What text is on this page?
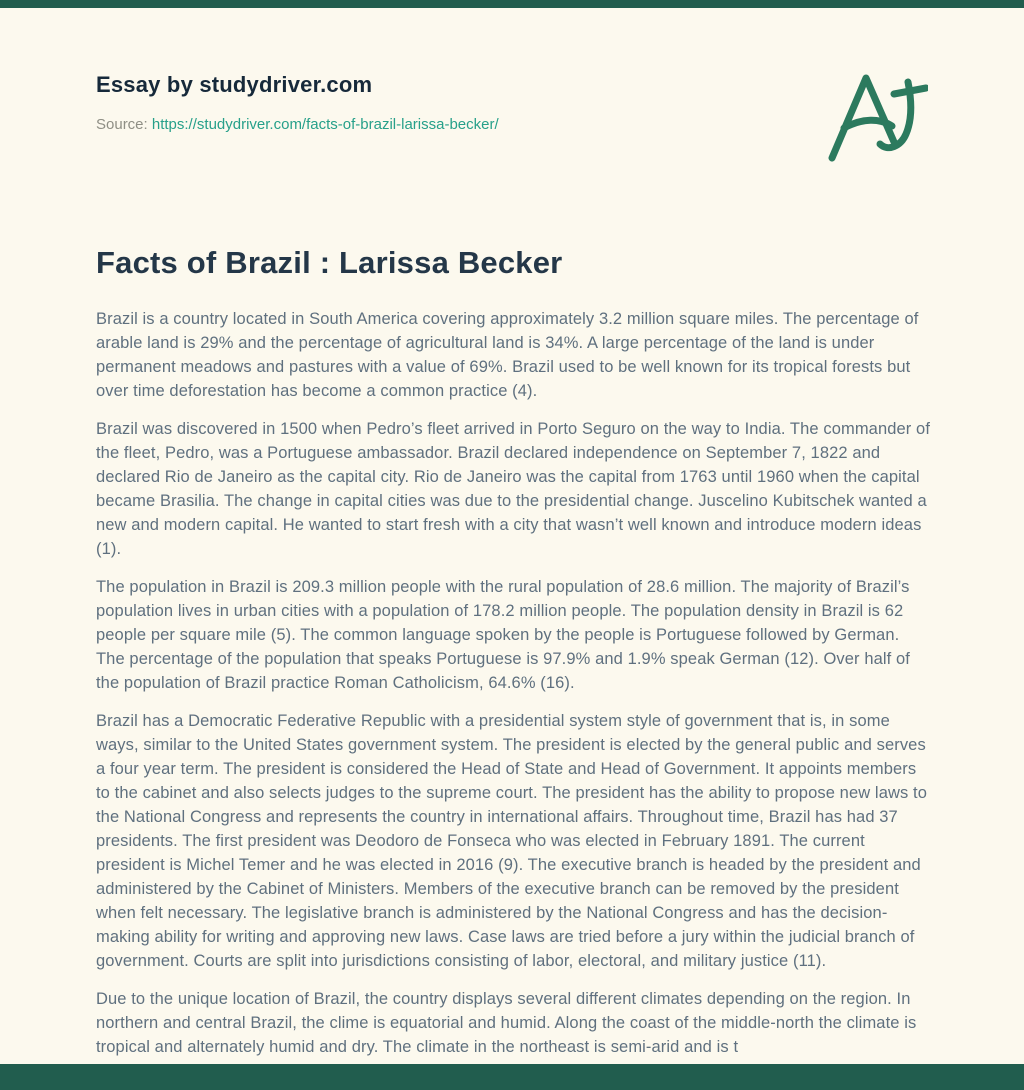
Essay by studydriver.com
Source: https://studydriver.com/facts-of-brazil-larissa-becker/
Facts of Brazil : Larissa Becker

Brazil is a country located in South America covering approximately 3.2 million square miles. The percentage of arable land is 29% and the percentage of agricultural land is 34%. A large percentage of the land is under permanent meadows and pastures with a value of 69%. Brazil used to be well known for its tropical forests but over time deforestation has become a common practice (4).

Brazil was discovered in 1500 when Pedro’s fleet arrived in Porto Seguro on the way to India. The commander of the fleet, Pedro, was a Portuguese ambassador. Brazil declared independence on September 7, 1822 and declared Rio de Janeiro as the capital city. Rio de Janeiro was the capital from 1763 until 1960 when the capital became Brasilia. The change in capital cities was due to the presidential change. Juscelino Kubitschek wanted a new and modern capital. He wanted to start fresh with a city that wasn’t well known and introduce modern ideas (1).

The population in Brazil is 209.3 million people with the rural population of 28.6 million. The majority of Brazil’s population lives in urban cities with a population of 178.2 million people. The population density in Brazil is 62 people per square mile (5). The common language spoken by the people is Portuguese followed by German. The percentage of the population that speaks Portuguese is 97.9% and 1.9% speak German (12). Over half of the population of Brazil practice Roman Catholicism, 64.6% (16).

Brazil has a Democratic Federative Republic with a presidential system style of government that is, in some ways, similar to the United States government system. The president is elected by the general public and serves a four year term. The president is considered the Head of State and Head of Government. It appoints members to the cabinet and also selects judges to the supreme court. The president has the ability to propose new laws to the National Congress and represents the country in international affairs. Throughout time, Brazil has had 37 presidents. The first president was Deodoro de Fonseca who was elected in February 1891. The current president is Michel Temer and he was elected in 2016 (9). The executive branch is headed by the president and administered by the Cabinet of Ministers. Members of the executive branch can be removed by the president when felt necessary. The legislative branch is administered by the National Congress and has the decision-making ability for writing and approving new laws. Case laws are tried before a jury within the judicial branch of government. Courts are split into jurisdictions consisting of labor, electoral, and military justice (11).

Due to the unique location of Brazil, the country displays several different climates depending on the region. In northern and central Brazil, the clime is equatorial and humid. Along the coast of the middle-north the climate is tropical and alternately humid and dry. The climate in the northeast is semi-arid and is t
